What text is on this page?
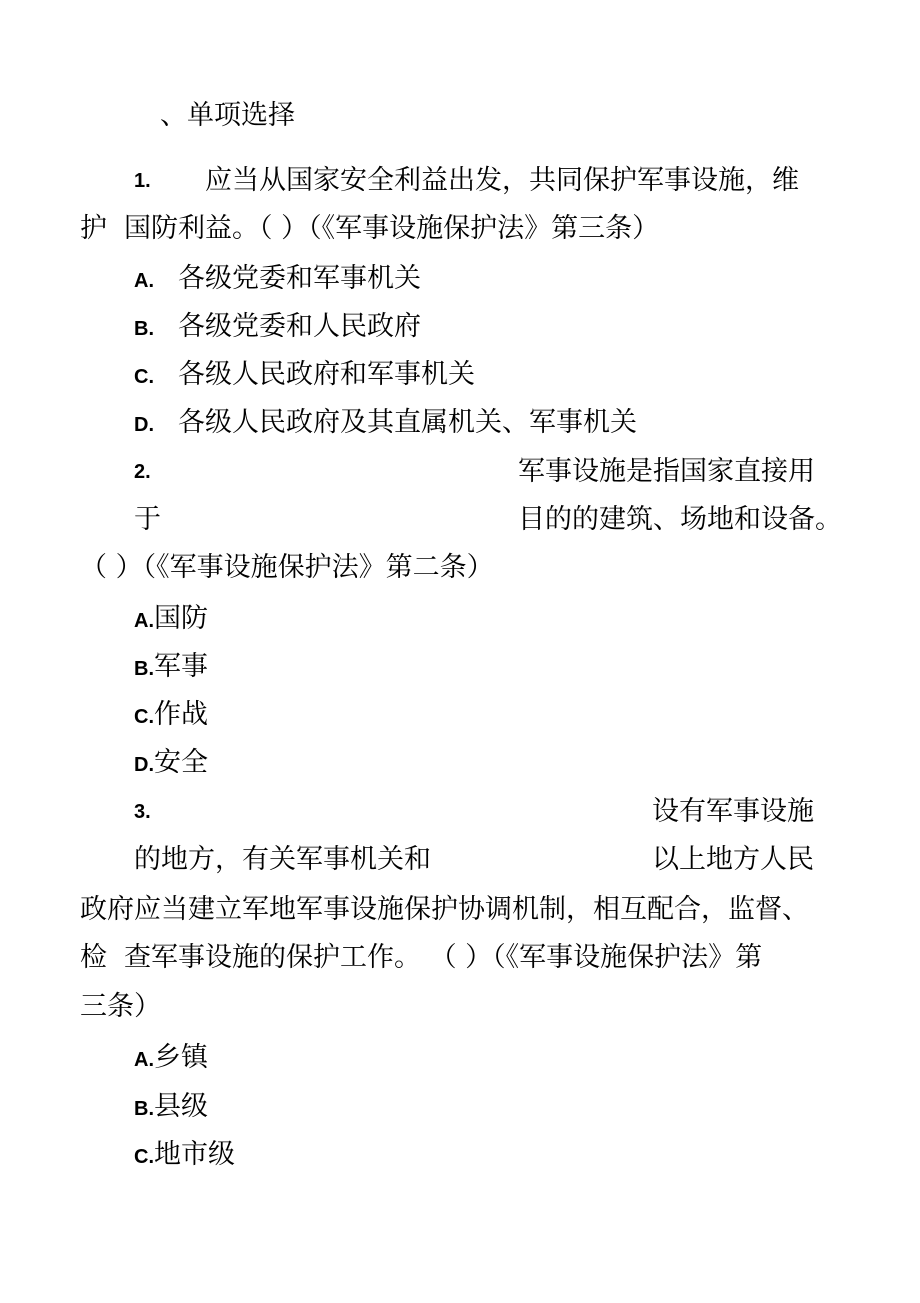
、单项选择
1. 应当从国家安全利益出发，共同保护军事设施，维
护 国防利益。（ ）（《军事设施保护法》第三条）
A. 各级党委和军事机关
B. 各级党委和人民政府
C. 各级人民政府和军事机关
D. 各级人民政府及其直属机关、军事机关
2.	军事设施是指国家直接用
于	目的的建筑、场地和设备。
（ ）（《军事设施保护法》第二条）
A.国防
B.军事
C.作战
D.安全
3.	设有军事设施
的地方，有关军事机关和	以上地方人民
政府应当建立军地军事设施保护协调机制，相互配合，监督、
检 查军事设施的保护工作。 （ ）（《军事设施保护法》第
三条）
A.乡镇
B.县级
C.地市级
